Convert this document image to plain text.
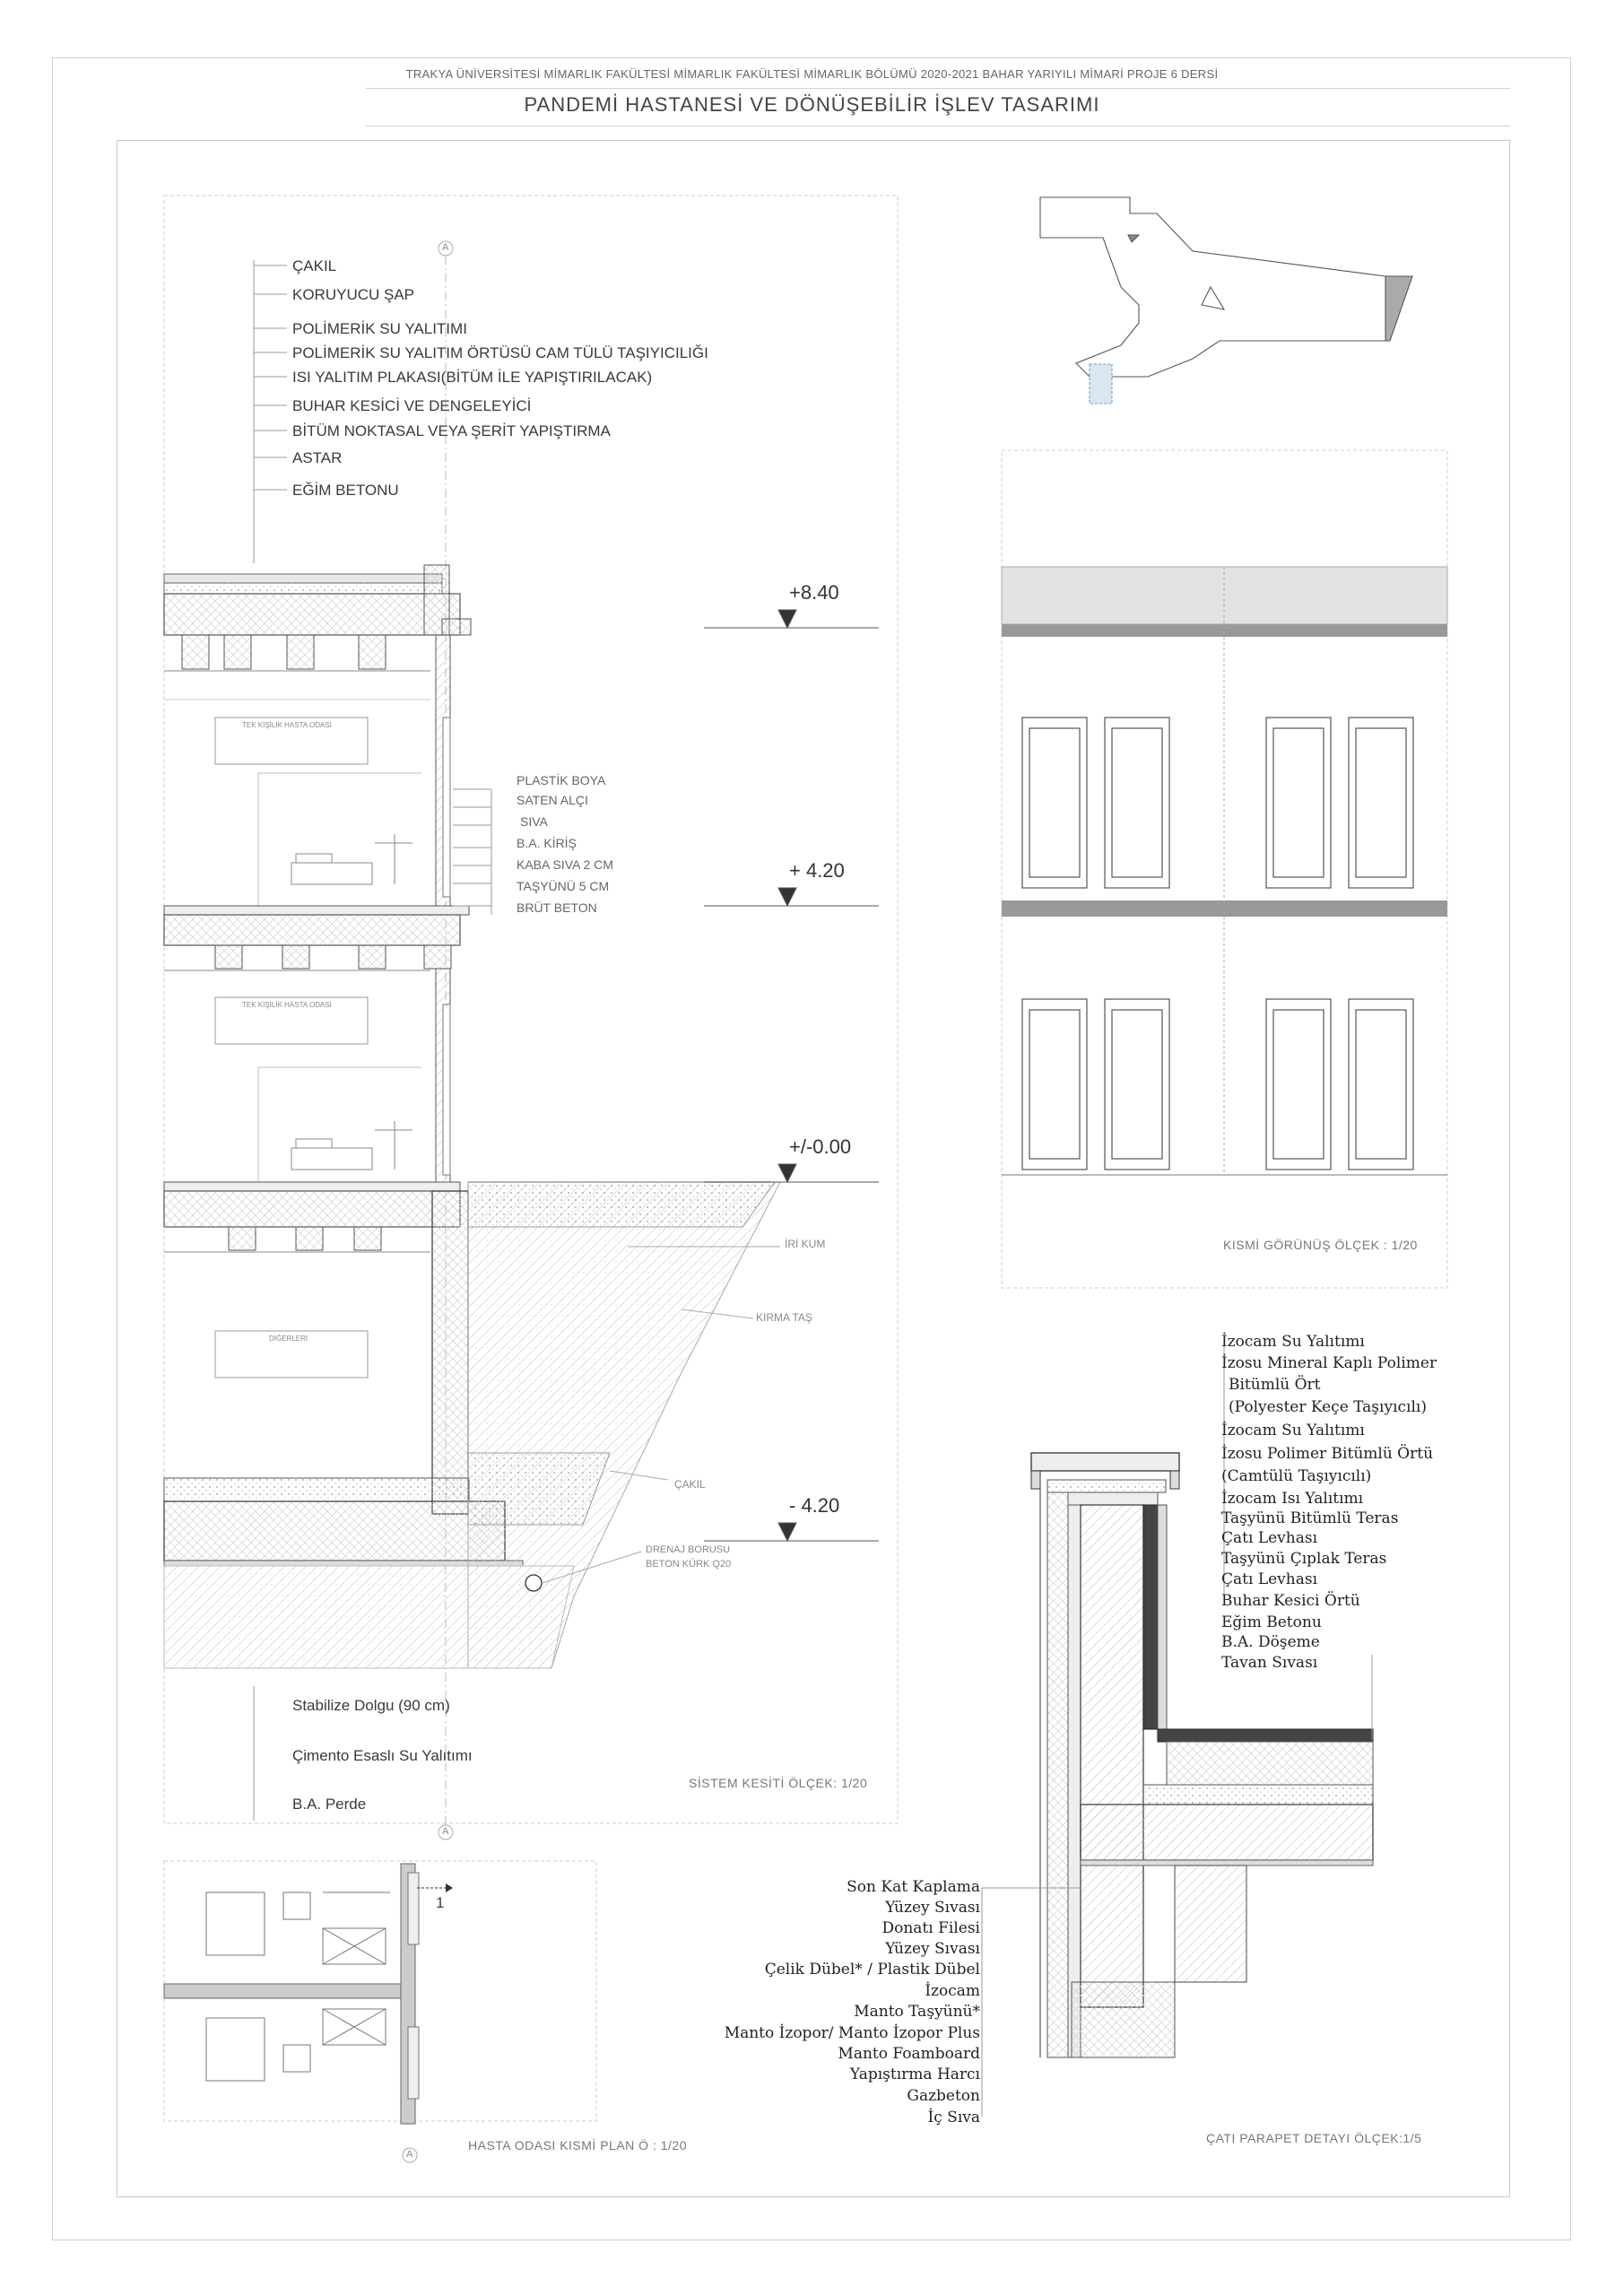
TRAKYA ÜNİVERSİTESİ MİMARLIK FAKÜLTESİ MİMARLIK FAKÜLTESİ MİMARLIK BÖLÜMÜ 2020-2021 BAHAR YARIYILI MİMARİ PROJE 6 DERSİ
PANDEMİ HASTANESİ VE DÖNÜŞEBİLİR İŞLEV TASARIMI
ÇAKIL
KORUYUCU ŞAP
POLİMERİK SU YALITIMI
POLİMERİK SU YALITIM ÖRTÜSÜ CAM TÜLÜ TAŞIYICILIĞI
ISI YALITIM PLAKASI(BİTÜM İLE YAPIŞTIRILACAK)
BUHAR KESİCİ VE DENGELEYİCİ
BİTÜM NOKTASAL VEYA ŞERİT YAPIŞTIRMA
ASTAR
EĞİM BETONU
A
A
A
PLASTİK BOYA
SATEN ALÇI
SIVA
B.A. KİRİŞ
KABA SIVA 2 CM
TAŞYÜNÜ 5 CM
BRÜT BETON
TEK KİŞİLİK HASTA ODASI
TEK KİŞİLİK HASTA ODASI
DİĞERLERİ
+8.40
+ 4.20
+/-0.00
- 4.20
İRİ KUM
KIRMA TAŞ
ÇAKIL
DRENAJ BORUSU
BETON KÜRK Q20
Stabilize Dolgu (90 cm)
Çimento Esaslı Su Yalıtımı
B.A. Perde
SİSTEM KESİTİ ÖLÇEK: 1/20
KISMİ GÖRÜNÜŞ ÖLÇEK : 1/20
1
HASTA ODASI KISMİ PLAN Ö : 1/20
İzocam Su Yalıtımı
İzosu Mineral Kaplı Polimer
Bitümlü Ört
(Polyester Keçe Taşıyıcılı)
İzocam Su Yalıtımı
İzosu Polimer Bitümlü Örtü
(Camtülü Taşıyıcılı)
İzocam Isı Yalıtımı
Taşyünü Bitümlü Teras
Çatı Levhası
Taşyünü Çıplak Teras
Çatı Levhası
Buhar Kesici Örtü
Eğim Betonu
B.A. Döşeme
Tavan Sıvası
Son Kat Kaplama
Yüzey Sıvası
Donatı Filesi
Yüzey Sıvası
Çelik Dübel* / Plastik Dübel
İzocam
Manto Taşyünü*
Manto İzopor/ Manto İzopor Plus
Manto Foamboard
Yapıştırma Harcı
Gazbeton
İç Sıva
ÇATI PARAPET DETAYI ÖLÇEK:1/5
